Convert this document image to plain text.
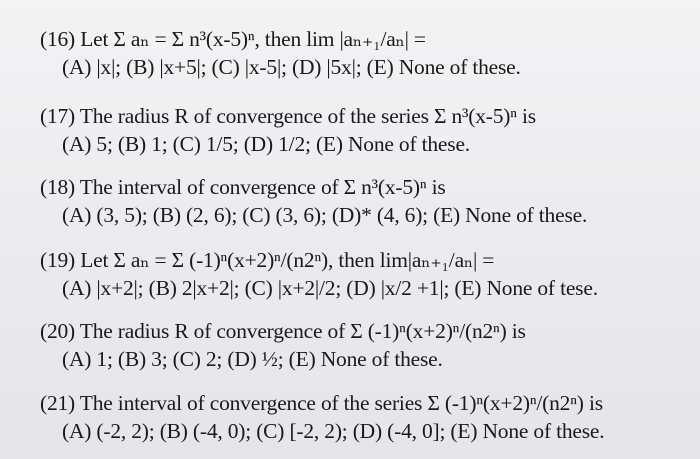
(16) Let Σ aₙ = Σ n³(x-5)ⁿ, then lim |aₙ₊₁/aₙ| =
(A) |x|; (B) |x+5|; (C) |x-5|; (D) |5x|; (E) None of these.
(17) The radius R of convergence of the series Σ n³(x-5)ⁿ is
(A) 5; (B) 1; (C) 1/5; (D) 1/2; (E) None of these.
(18) The interval of convergence of Σ n³(x-5)ⁿ is
(A) (3, 5); (B) (2, 6); (C) (3, 6); (D)* (4, 6); (E) None of these.
(19) Let Σ aₙ = Σ (-1)ⁿ(x+2)ⁿ/(n2ⁿ), then lim|aₙ₊₁/aₙ| =
(A) |x+2|; (B) 2|x+2|; (C) |x+2|/2; (D) |x/2 +1|; (E) None of tese.
(20) The radius R of convergence of Σ (-1)ⁿ(x+2)ⁿ/(n2ⁿ) is
(A) 1; (B) 3; (C) 2; (D) ½; (E) None of these.
(21) The interval of convergence of the series Σ (-1)ⁿ(x+2)ⁿ/(n2ⁿ) is
(A) (-2, 2); (B) (-4, 0); (C) [-2, 2); (D) (-4, 0]; (E) None of these.
